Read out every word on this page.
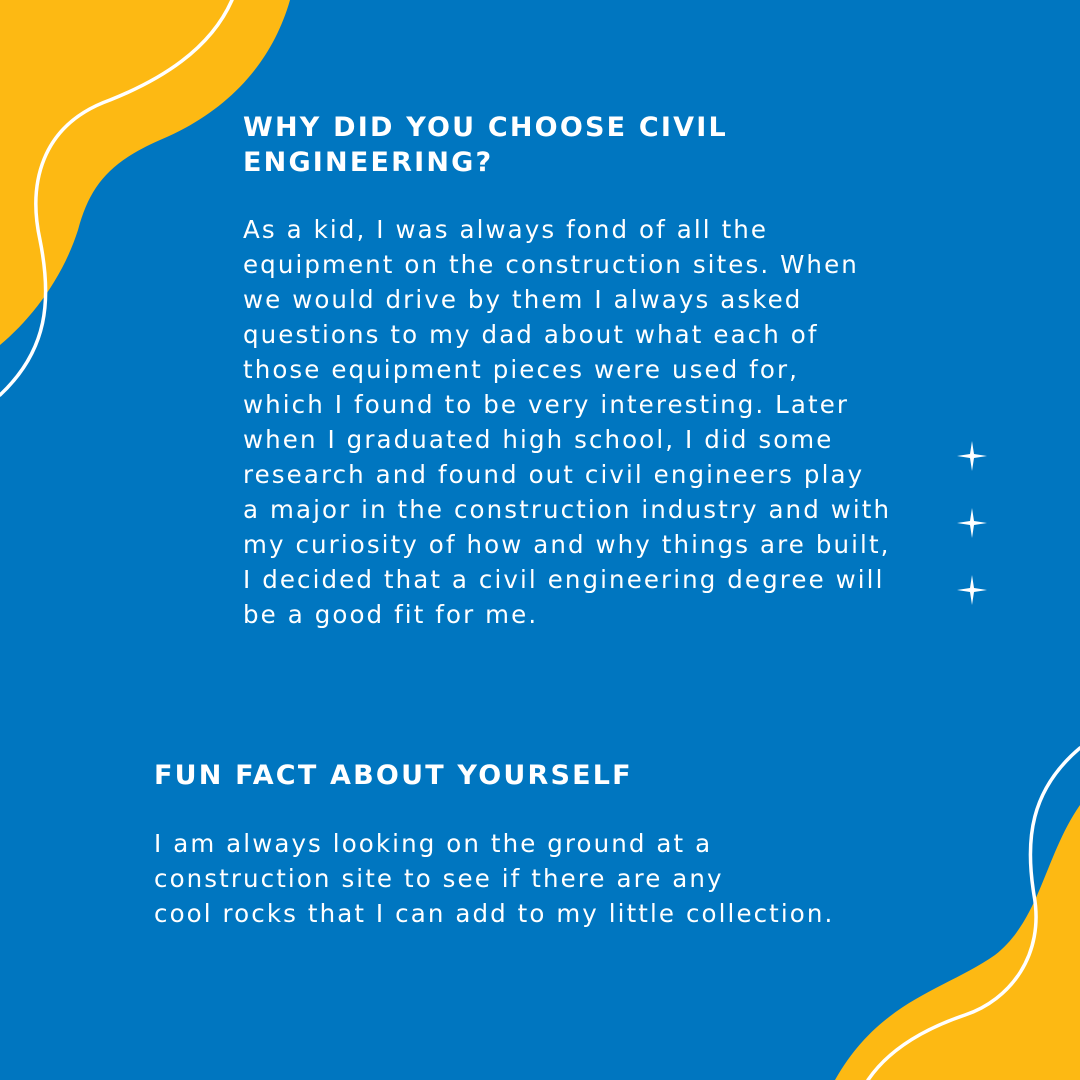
WHY DID YOU CHOOSE CIVIL
ENGINEERING?

As a kid, I was always fond of all the
equipment on the construction sites. When
we would drive by them I always asked
questions to my dad about what each of
those equipment pieces were used for,
which I found to be very interesting. Later
when I graduated high school, I did some
research and found out civil engineers play
a major in the construction industry and with
my curiosity of how and why things are built,
I decided that a civil engineering degree will
be a good fit for me.

FUN FACT ABOUT YOURSELF

I am always looking on the ground at a
construction site to see if there are any
cool rocks that I can add to my little collection.
